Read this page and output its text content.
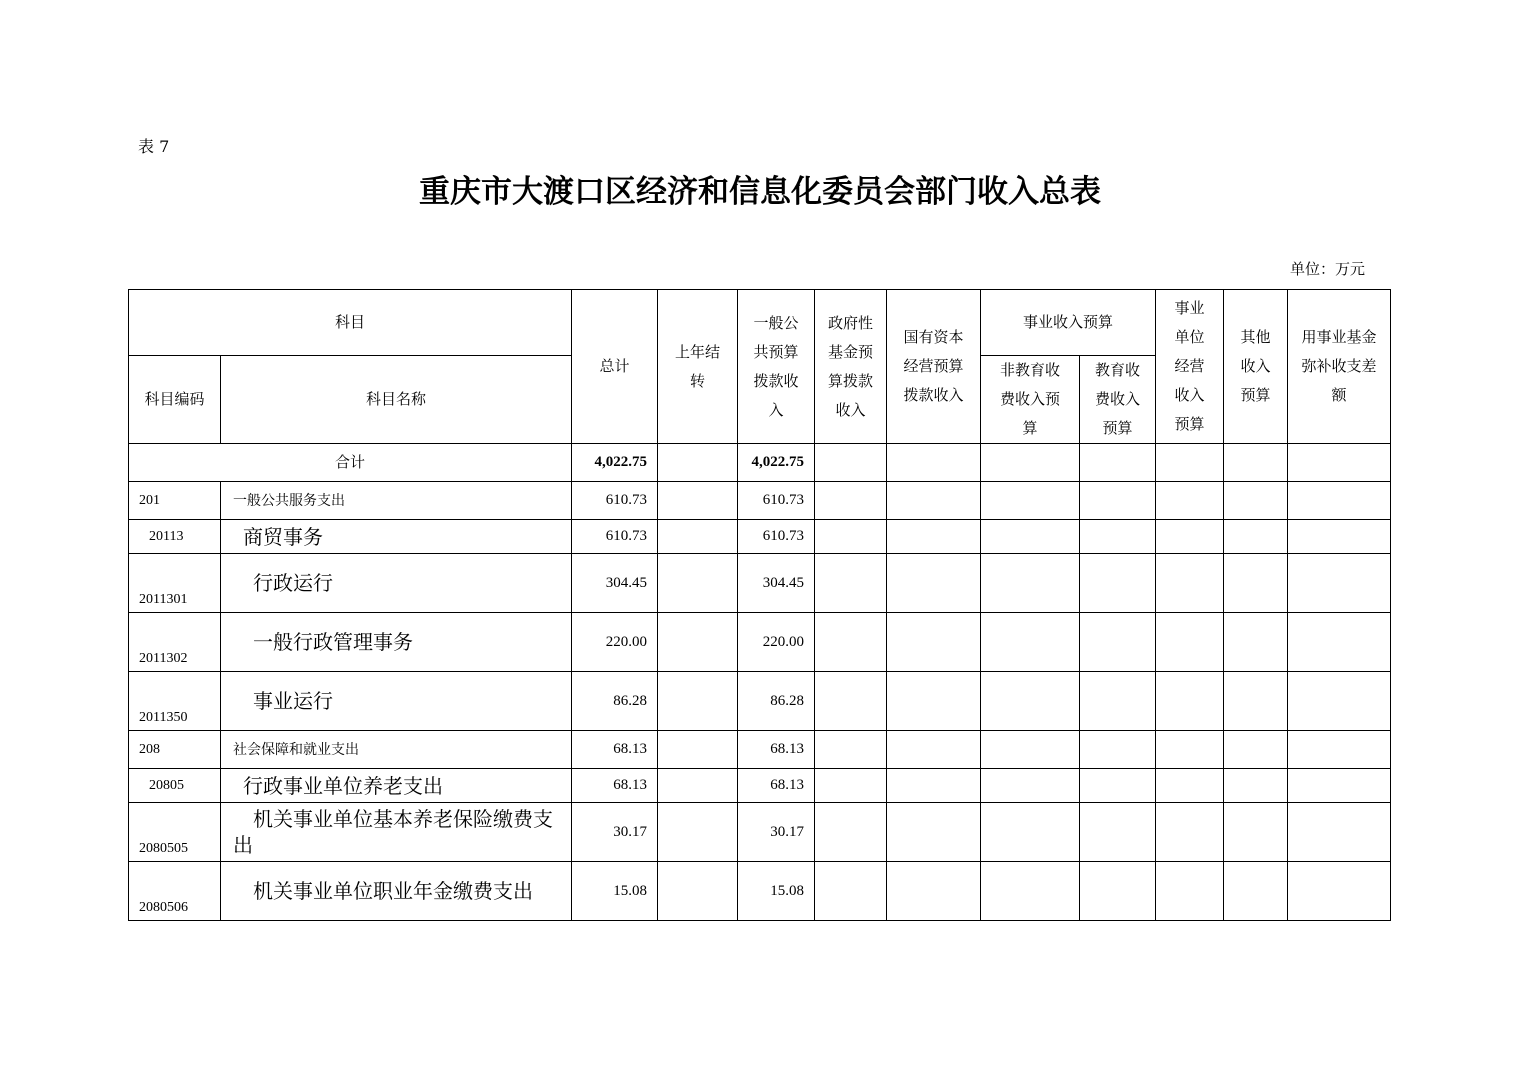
表 7
重庆市大渡口区经济和信息化委员会部门收入总表
单位：万元
科目		总计	上年结转	一般公共预算拨款收入	政府性基金预算拨款收入	国有资本经营预算拨款收入	事业收入预算		事业单位经营收入预算	其他收入预算	用事业基金弥补收支差额

科目编码	科目名称						非教育收费收入预算	教育收费收入预算			

合计		4,022.75		4,022.75							
201	一般公共服务支出	610.73		610.73							
20113	商贸事务	610.73		610.73							
2011301	行政运行	304.45		304.45							
2011302	一般行政管理事务	220.00		220.00							
2011350	事业运行	86.28		86.28							
208	社会保障和就业支出	68.13		68.13							
20805	行政事业单位养老支出	68.13		68.13							
2080505	机关事业单位基本养老保险缴费支出	30.17		30.17							
2080506	机关事业单位职业年金缴费支出	15.08		15.08							
